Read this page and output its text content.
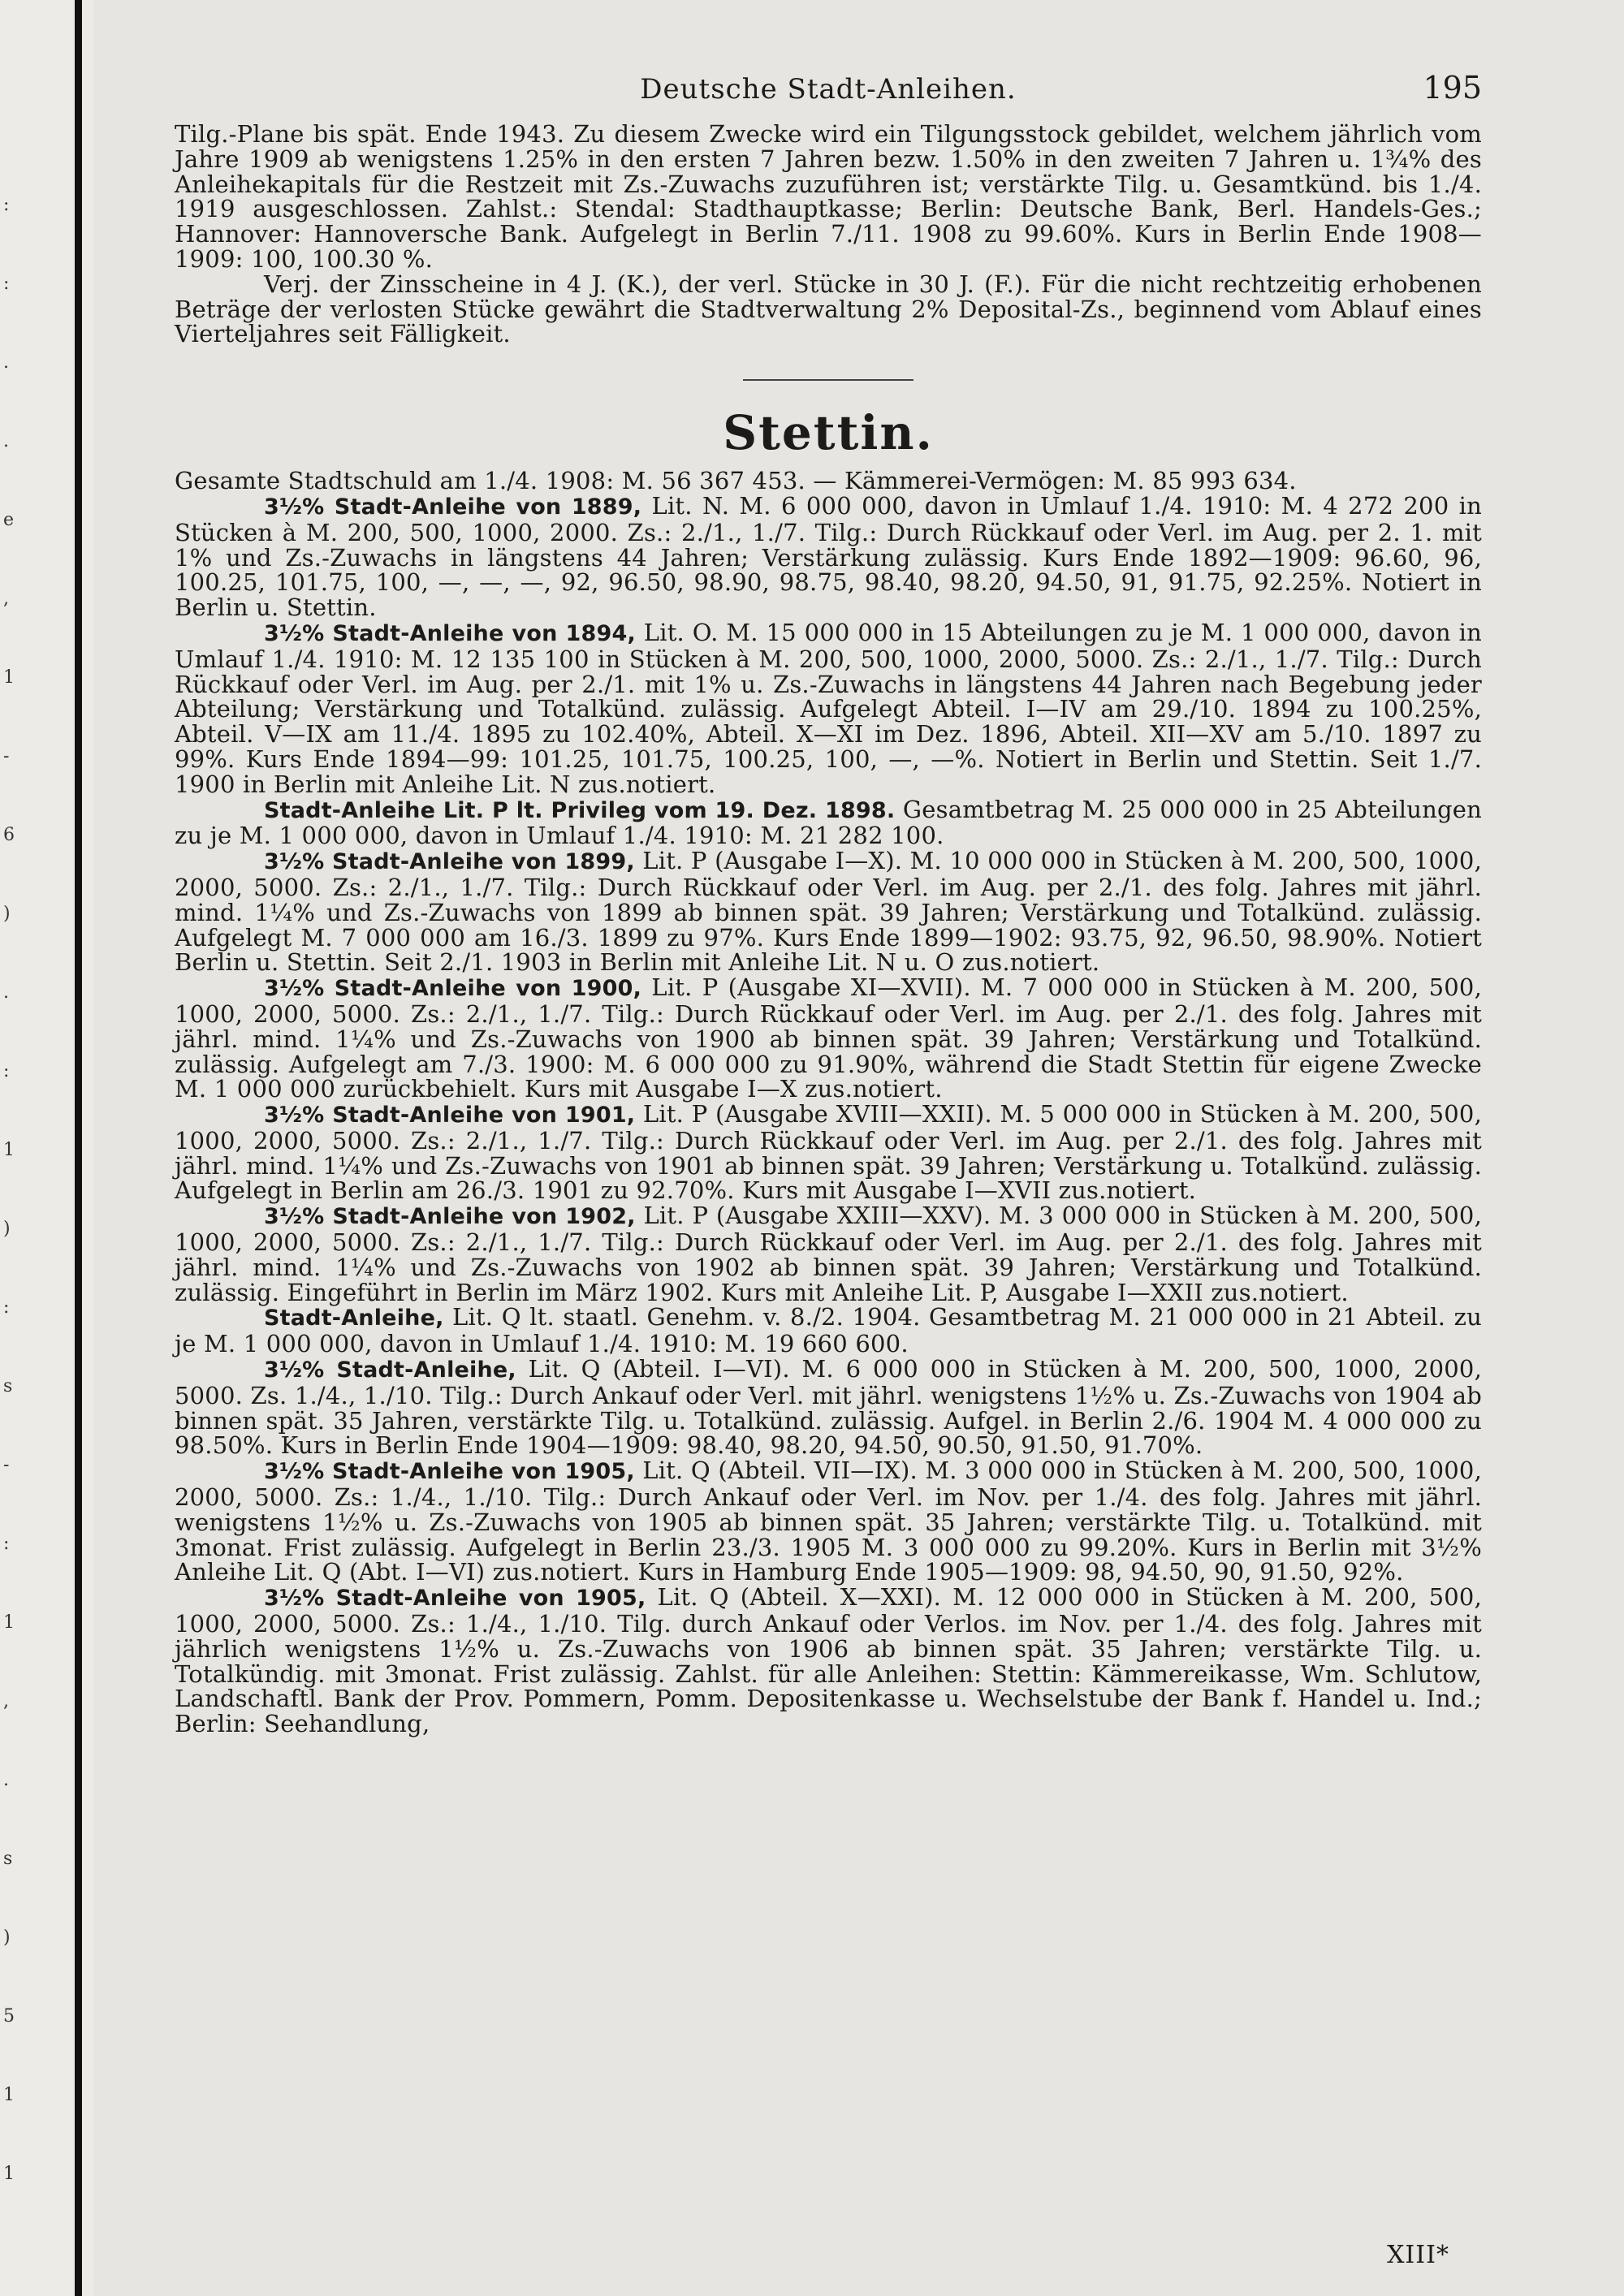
:
:
.
.
e
,
1
-
6
)
.
:
1
)
:
s
-
:
1
,
.
s
)
5
1
1
Deutsche Stadt-Anleihen.	195

Tilg.-Plane bis spät. Ende 1943. Zu diesem Zwecke wird ein Tilgungsstock gebildet, welchem jährlich vom Jahre 1909 ab wenigstens 1.25% in den ersten 7 Jahren bezw. 1.50% in den zweiten 7 Jahren u. 1¾% des Anleihekapitals für die Restzeit mit Zs.-Zuwachs zuzuführen ist; verstärkte Tilg. u. Gesamtkünd. bis 1./4. 1919 ausgeschlossen. Zahlst.: Stendal: Stadthauptkasse; Berlin: Deutsche Bank, Berl. Handels-Ges.; Hannover: Hannoversche Bank. Aufgelegt in Berlin 7./11. 1908 zu 99.60%. Kurs in Berlin Ende 1908—1909: 100, 100.30 %.

Verj. der Zinsscheine in 4 J. (K.), der verl. Stücke in 30 J. (F.). Für die nicht rechtzeitig erhobenen Beträge der verlosten Stücke gewährt die Stadtverwaltung 2% Deposital-Zs., beginnend vom Ablauf eines Vierteljahres seit Fälligkeit.

Stettin.

Gesamte Stadtschuld am 1./4. 1908: M. 56 367 453. — Kämmerei-Vermögen: M. 85 993 634.

3½% Stadt-Anleihe von 1889, Lit. N. M. 6 000 000, davon in Umlauf 1./4. 1910: M. 4 272 200 in Stücken à M. 200, 500, 1000, 2000. Zs.: 2./1., 1./7. Tilg.: Durch Rückkauf oder Verl. im Aug. per 2. 1. mit 1% und Zs.-Zuwachs in längstens 44 Jahren; Verstärkung zulässig. Kurs Ende 1892—1909: 96.60, 96, 100.25, 101.75, 100, —, —, —, 92, 96.50, 98.90, 98.75, 98.40, 98.20, 94.50, 91, 91.75, 92.25%. Notiert in Berlin u. Stettin.

3½% Stadt-Anleihe von 1894, Lit. O. M. 15 000 000 in 15 Abteilungen zu je M. 1 000 000, davon in Umlauf 1./4. 1910: M. 12 135 100 in Stücken à M. 200, 500, 1000, 2000, 5000. Zs.: 2./1., 1./7. Tilg.: Durch Rückkauf oder Verl. im Aug. per 2./1. mit 1% u. Zs.-Zuwachs in längstens 44 Jahren nach Begebung jeder Abteilung; Verstärkung und Totalkünd. zulässig. Aufgelegt Abteil. I—IV am 29./10. 1894 zu 100.25%, Abteil. V—IX am 11./4. 1895 zu 102.40%, Abteil. X—XI im Dez. 1896, Abteil. XII—XV am 5./10. 1897 zu 99%. Kurs Ende 1894—99: 101.25, 101.75, 100.25, 100, —, —%. Notiert in Berlin und Stettin. Seit 1./7. 1900 in Berlin mit Anleihe Lit. N zus.notiert.

Stadt-Anleihe Lit. P lt. Privileg vom 19. Dez. 1898. Gesamtbetrag M. 25 000 000 in 25 Abteilungen zu je M. 1 000 000, davon in Umlauf 1./4. 1910: M. 21 282 100.

3½% Stadt-Anleihe von 1899, Lit. P (Ausgabe I—X). M. 10 000 000 in Stücken à M. 200, 500, 1000, 2000, 5000. Zs.: 2./1., 1./7. Tilg.: Durch Rückkauf oder Verl. im Aug. per 2./1. des folg. Jahres mit jährl. mind. 1¼% und Zs.-Zuwachs von 1899 ab binnen spät. 39 Jahren; Verstärkung und Totalkünd. zulässig. Aufgelegt M. 7 000 000 am 16./3. 1899 zu 97%. Kurs Ende 1899—1902: 93.75, 92, 96.50, 98.90%. Notiert Berlin u. Stettin. Seit 2./1. 1903 in Berlin mit Anleihe Lit. N u. O zus.notiert.

3½% Stadt-Anleihe von 1900, Lit. P (Ausgabe XI—XVII). M. 7 000 000 in Stücken à M. 200, 500, 1000, 2000, 5000. Zs.: 2./1., 1./7. Tilg.: Durch Rückkauf oder Verl. im Aug. per 2./1. des folg. Jahres mit jährl. mind. 1¼% und Zs.-Zuwachs von 1900 ab binnen spät. 39 Jahren; Verstärkung und Totalkünd. zulässig. Aufgelegt am 7./3. 1900: M. 6 000 000 zu 91.90%, während die Stadt Stettin für eigene Zwecke M. 1 000 000 zurückbehielt. Kurs mit Ausgabe I—X zus.notiert.

3½% Stadt-Anleihe von 1901, Lit. P (Ausgabe XVIII—XXII). M. 5 000 000 in Stücken à M. 200, 500, 1000, 2000, 5000. Zs.: 2./1., 1./7. Tilg.: Durch Rückkauf oder Verl. im Aug. per 2./1. des folg. Jahres mit jährl. mind. 1¼% und Zs.-Zuwachs von 1901 ab binnen spät. 39 Jahren; Verstärkung u. Totalkünd. zulässig. Aufgelegt in Berlin am 26./3. 1901 zu 92.70%. Kurs mit Ausgabe I—XVII zus.notiert.

3½% Stadt-Anleihe von 1902, Lit. P (Ausgabe XXIII—XXV). M. 3 000 000 in Stücken à M. 200, 500, 1000, 2000, 5000. Zs.: 2./1., 1./7. Tilg.: Durch Rückkauf oder Verl. im Aug. per 2./1. des folg. Jahres mit jährl. mind. 1¼% und Zs.-Zuwachs von 1902 ab binnen spät. 39 Jahren; Verstärkung und Totalkünd. zulässig. Eingeführt in Berlin im März 1902. Kurs mit Anleihe Lit. P, Ausgabe I—XXII zus.notiert.

Stadt-Anleihe, Lit. Q lt. staatl. Genehm. v. 8./2. 1904. Gesamtbetrag M. 21 000 000 in 21 Abteil. zu je M. 1 000 000, davon in Umlauf 1./4. 1910: M. 19 660 600.

3½% Stadt-Anleihe, Lit. Q (Abteil. I—VI). M. 6 000 000 in Stücken à M. 200, 500, 1000, 2000, 5000. Zs. 1./4., 1./10. Tilg.: Durch Ankauf oder Verl. mit jährl. wenigstens 1½% u. Zs.-Zuwachs von 1904 ab binnen spät. 35 Jahren, verstärkte Tilg. u. Totalkünd. zulässig. Aufgel. in Berlin 2./6. 1904 M. 4 000 000 zu 98.50%. Kurs in Berlin Ende 1904—1909: 98.40, 98.20, 94.50, 90.50, 91.50, 91.70%.

3½% Stadt-Anleihe von 1905, Lit. Q (Abteil. VII—IX). M. 3 000 000 in Stücken à M. 200, 500, 1000, 2000, 5000. Zs.: 1./4., 1./10. Tilg.: Durch Ankauf oder Verl. im Nov. per 1./4. des folg. Jahres mit jährl. wenigstens 1½% u. Zs.-Zuwachs von 1905 ab binnen spät. 35 Jahren; verstärkte Tilg. u. Totalkünd. mit 3monat. Frist zulässig. Aufgelegt in Berlin 23./3. 1905 M. 3 000 000 zu 99.20%. Kurs in Berlin mit 3½% Anleihe Lit. Q (Abt. I—VI) zus.notiert. Kurs in Hamburg Ende 1905—1909: 98, 94.50, 90, 91.50, 92%.

3½% Stadt-Anleihe von 1905, Lit. Q (Abteil. X—XXI). M. 12 000 000 in Stücken à M. 200, 500, 1000, 2000, 5000. Zs.: 1./4., 1./10. Tilg. durch Ankauf oder Verlos. im Nov. per 1./4. des folg. Jahres mit jährlich wenigstens 1½% u. Zs.-Zuwachs von 1906 ab binnen spät. 35 Jahren; verstärkte Tilg. u. Totalkündig. mit 3monat. Frist zulässig. Zahlst. für alle Anleihen: Stettin: Kämmereikasse, Wm. Schlutow, Landschaftl. Bank der Prov. Pommern, Pomm. Depositenkasse u. Wechselstube der Bank f. Handel u. Ind.; Berlin: Seehandlung,

XIII*
